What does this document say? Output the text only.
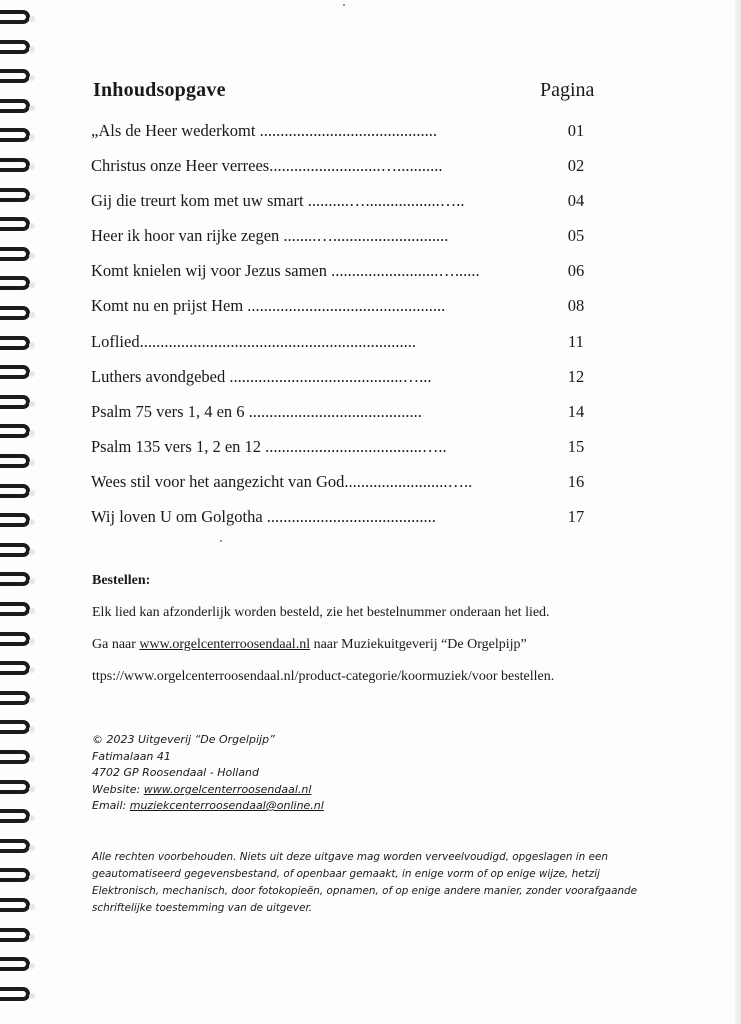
Inhoudsopgave	Pagina
„Als de Heer wederkomt ...........................................	01
Christus onze Heer verrees...........................…...........	02
Gij die treurt kom met uw smart ..........…..................…..	04
Heer ik hoor van rijke zegen ........…............................	05
Komt knielen wij voor Jezus samen ..........................…......	06
Komt nu en prijst Hem ................................................	08
Loflied...................................................................	11
Luthers avondgebed ..........................................…...	12
Psalm 75 vers 1, 4 en 6 ..........................................	14
Psalm 135 vers 1, 2 en 12 ......................................…..	15
Wees stil voor het aangezicht van God.........................…..	16
Wij loven U om Golgotha .........................................	17
Bestellen:
Elk lied kan afzonderlijk worden besteld, zie het bestelnummer onderaan het lied.
Ga naar www.orgelcenterroosendaal.nl naar Muziekuitgeverij “De Orgelpijp”
ttps://www.orgelcenterroosendaal.nl/product-categorie/koormuziek/voor bestellen.
© 2023 Uitgeverij “De Orgelpijp”
Fatimalaan 41
4702 GP Roosendaal - Holland
Website: www.orgelcenterroosendaal.nl
Email: muziekcenterroosendaal@online.nl
Alle rechten voorbehouden. Niets uit deze uitgave mag worden verveelvoudigd, opgeslagen in een
geautomatiseerd gegevensbestand, of openbaar gemaakt, in enige vorm of op enige wijze, hetzij
Elektronisch, mechanisch, door fotokopieën, opnamen, of op enige andere manier, zonder voorafgaande
schriftelijke toestemming van de uitgever.
